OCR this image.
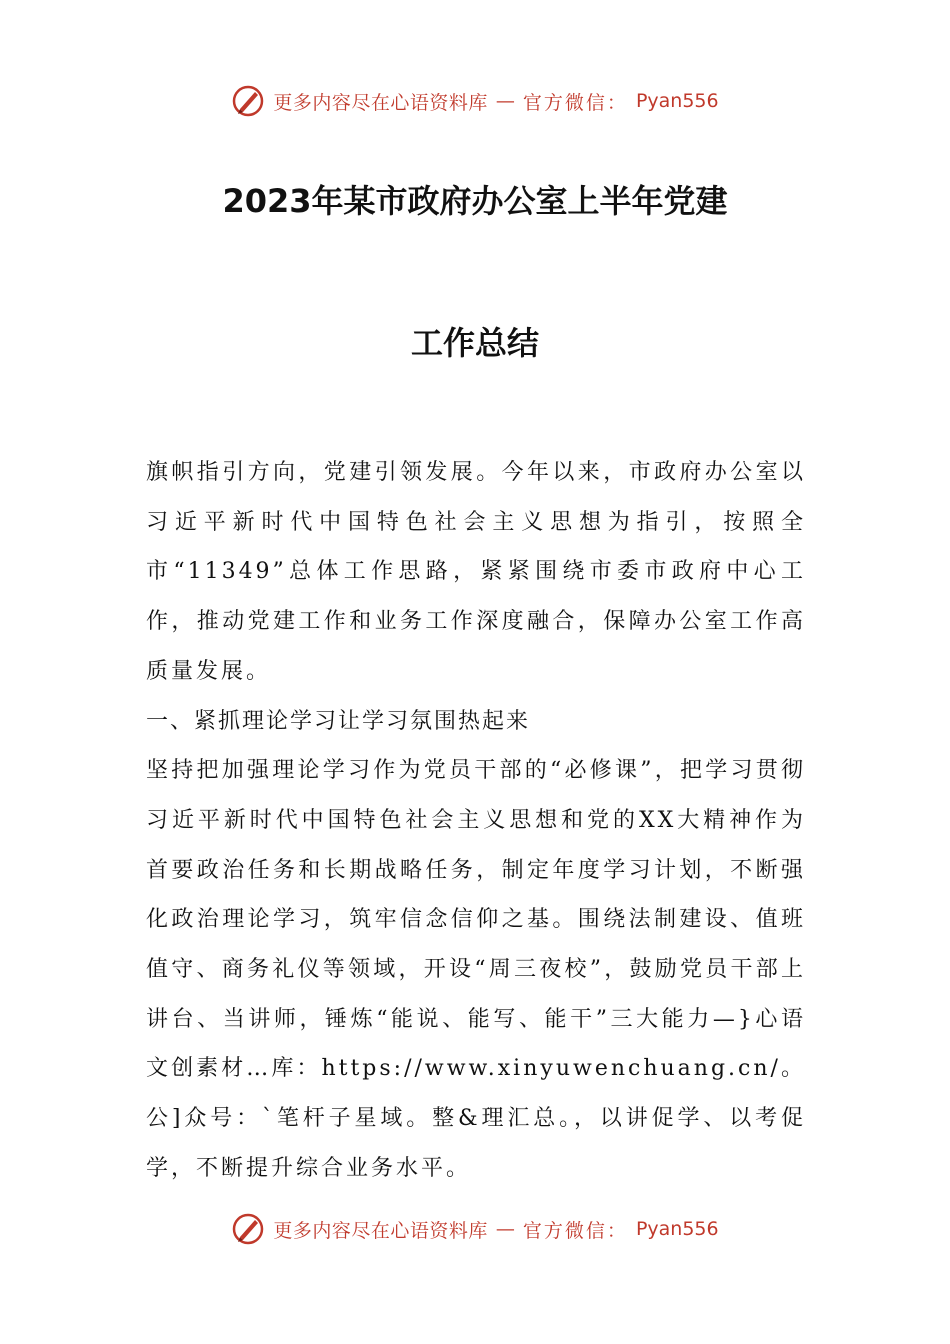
更多内容尽在心语资料库 — 官方微信： Pyan556
2023年某市政府办公室上半年党建
工作总结

旗帜指引方向，党建引领发展。今年以来，市政府办公室以习近平新时代中国特色社会主义思想为指引，按照全市“11349”总体工作思路，紧紧围绕市委市政府中心工作，推动党建工作和业务工作深度融合，保障办公室工作高质量发展。

一、紧抓理论学习让学习氛围热起来

坚持把加强理论学习作为党员干部的“必修课”，把学习贯彻习近平新时代中国特色社会主义思想和党的XX大精神作为首要政治任务和长期战略任务，制定年度学习计划，不断强化政治理论学习，筑牢信念信仰之基。围绕法制建设、值班值守、商务礼仪等领域，开设“周三夜校”，鼓励党员干部上讲台、当讲师，锤炼“能说、能写、能干”三大能力—}心语文创素材…库：https://www.xinyuwenchuang.cn/。公]众号：`笔杆子星域。整&理汇总。，以讲促学、以考促学，不断提升综合业务水平。

更多内容尽在心语资料库 — 官方微信： Pyan556
